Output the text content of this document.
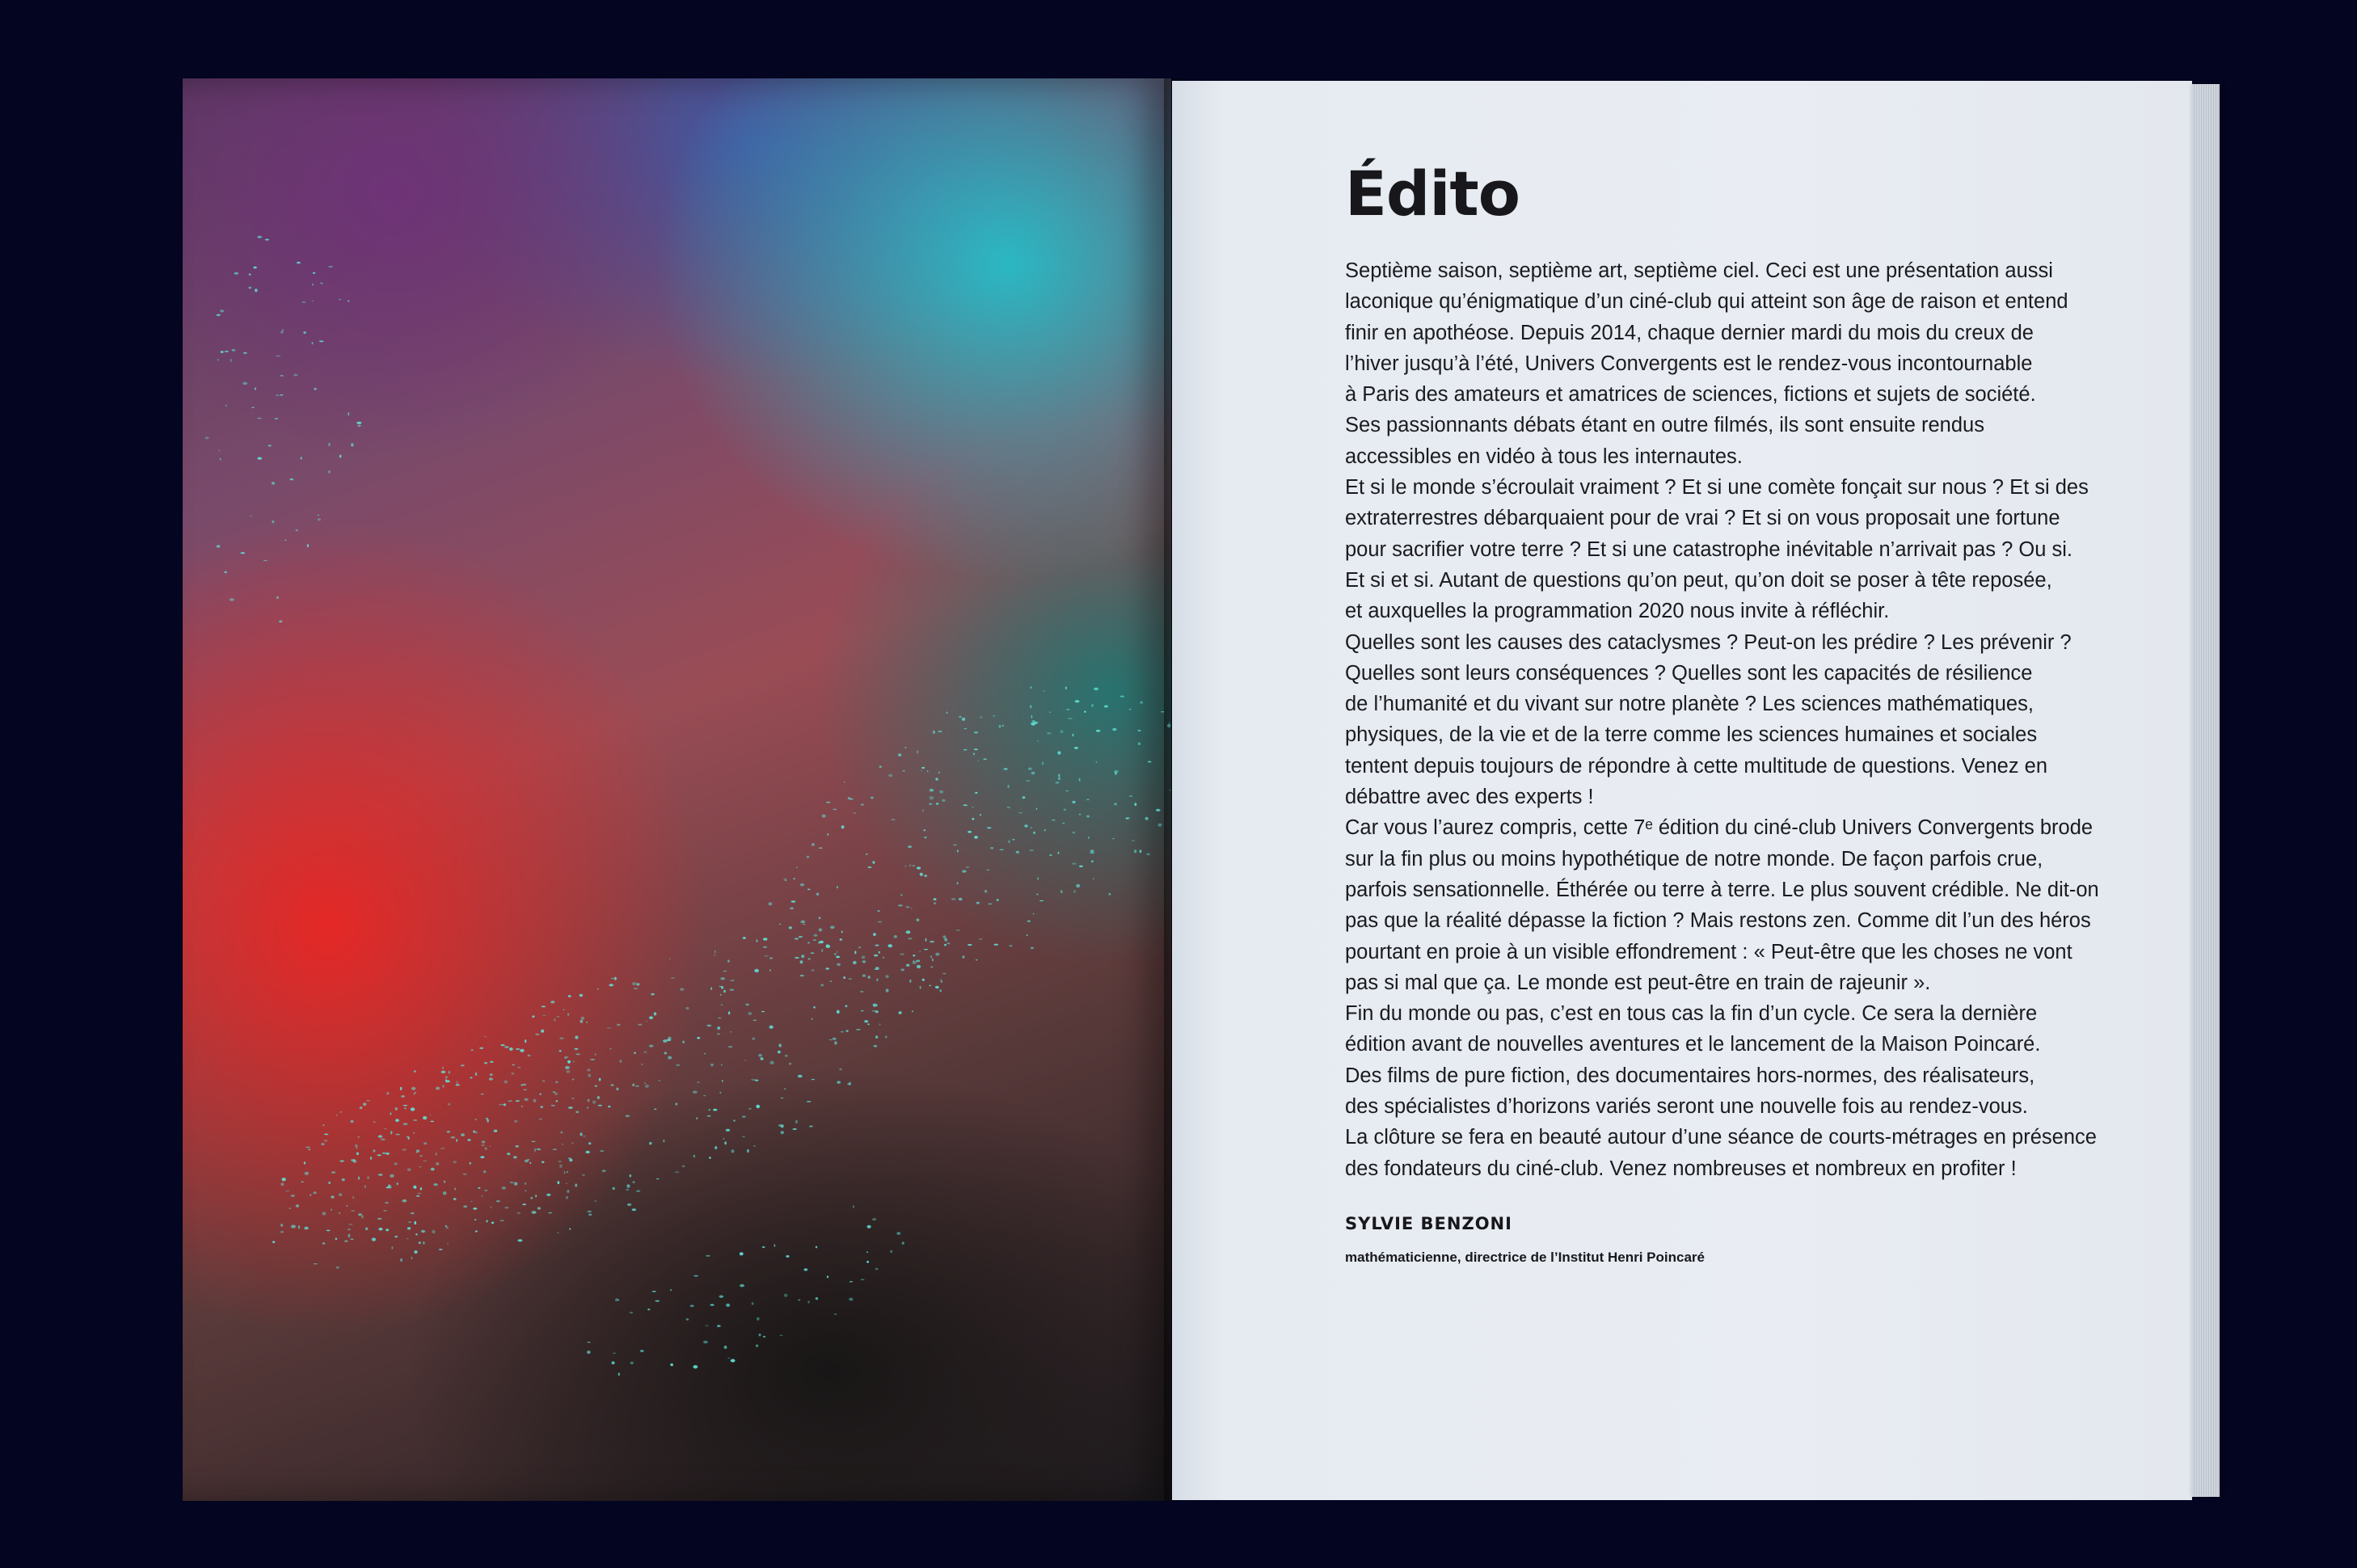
Édito
Septième saison, septième art, septième ciel. Ceci est une présentation aussi
laconique qu’énigmatique d’un ciné-club qui atteint son âge de raison et entend
finir en apothéose. Depuis 2014, chaque dernier mardi du mois du creux de
l’hiver jusqu’à l’été, Univers Convergents est le rendez-vous incontournable
à Paris des amateurs et amatrices de sciences, fictions et sujets de société.
Ses passionnants débats étant en outre filmés, ils sont ensuite rendus
accessibles en vidéo à tous les internautes.
Et si le monde s’écroulait vraiment ? Et si une comète fonçait sur nous ? Et si des
extraterrestres débarquaient pour de vrai ? Et si on vous proposait une fortune
pour sacrifier votre terre ? Et si une catastrophe inévitable n’arrivait pas ? Ou si.
Et si et si. Autant de questions qu’on peut, qu’on doit se poser à tête reposée,
et auxquelles la programmation 2020 nous invite à réfléchir.
Quelles sont les causes des cataclysmes ? Peut-on les prédire ? Les prévenir ?
Quelles sont leurs conséquences ? Quelles sont les capacités de résilience
de l’humanité et du vivant sur notre planète ? Les sciences mathématiques,
physiques, de la vie et de la terre comme les sciences humaines et sociales
tentent depuis toujours de répondre à cette multitude de questions. Venez en
débattre avec des experts !
Car vous l’aurez compris, cette 7ᵉ édition du ciné-club Univers Convergents brode
sur la fin plus ou moins hypothétique de notre monde. De façon parfois crue,
parfois sensationnelle. Éthérée ou terre à terre. Le plus souvent crédible. Ne dit-on
pas que la réalité dépasse la fiction ? Mais restons zen. Comme dit l’un des héros
pourtant en proie à un visible effondrement : « Peut-être que les choses ne vont
pas si mal que ça. Le monde est peut-être en train de rajeunir ».
Fin du monde ou pas, c’est en tous cas la fin d’un cycle. Ce sera la dernière
édition avant de nouvelles aventures et le lancement de la Maison Poincaré.
Des films de pure fiction, des documentaires hors-normes, des réalisateurs,
des spécialistes d’horizons variés seront une nouvelle fois au rendez-vous.
La clôture se fera en beauté autour d’une séance de courts-métrages en présence
des fondateurs du ciné-club. Venez nombreuses et nombreux en profiter !
SYLVIE BENZONI
mathématicienne, directrice de l’Institut Henri Poincaré
